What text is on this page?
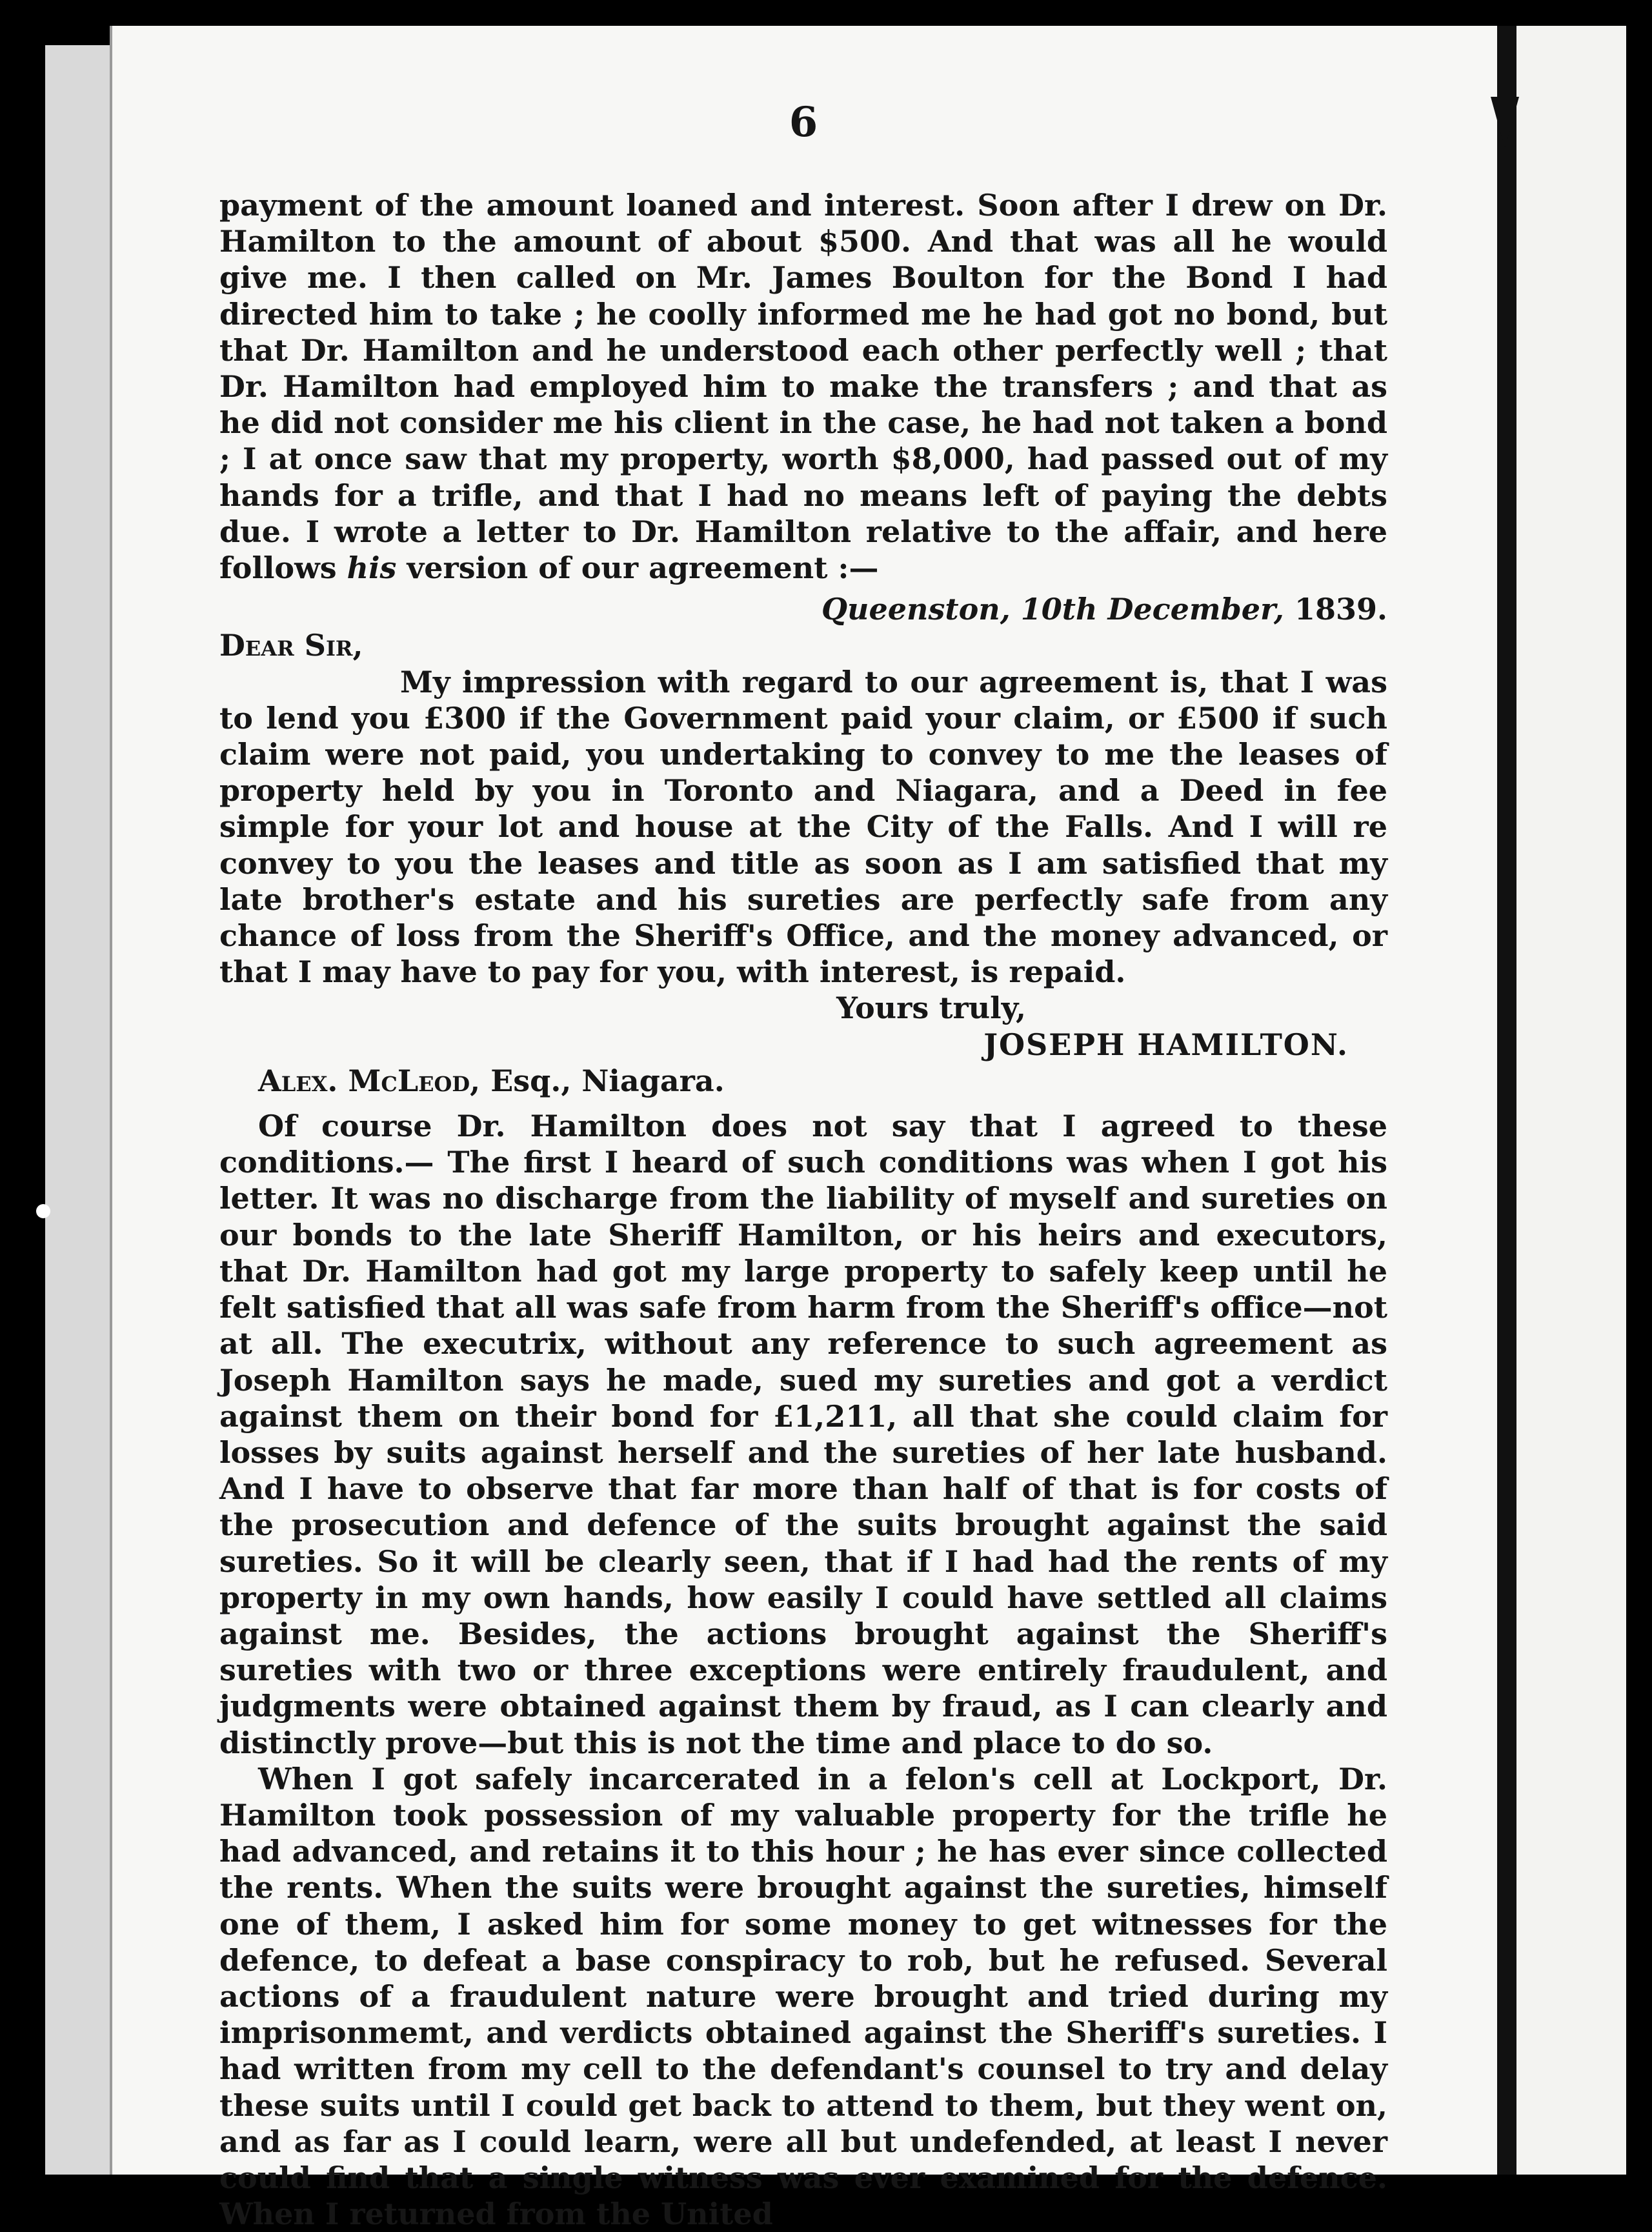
6

payment of the amount loaned and interest. Soon after I drew on Dr. Hamilton to the amount of about $500. And that was all he would give me. I then called on Mr. James Boulton for the Bond I had directed him to take ; he coolly informed me he had got no bond, but that Dr. Hamilton and he understood each other perfectly well ; that Dr. Hamilton had employed him to make the transfers ; and that as he did not consider me his client in the case, he had not taken a bond ; I at once saw that my property, worth $8,000, had passed out of my hands for a trifle, and that I had no means left of paying the debts due. I wrote a letter to Dr. Hamilton relative to the affair, and here follows his version of our agreement :—

Queenston, 10th December, 1839.

Dear Sir,

My impression with regard to our agreement is, that I was to lend you £300 if the Government paid your claim, or £500 if such claim were not paid, you undertaking to convey to me the leases of property held by you in Toronto and Niagara, and a Deed in fee simple for your lot and house at the City of the Falls. And I will re convey to you the leases and title as soon as I am satisfied that my late brother's estate and his sureties are perfectly safe from any chance of loss from the Sheriff's Office, and the money advanced, or that I may have to pay for you, with interest, is repaid.

Yours truly,

JOSEPH HAMILTON.

Alex. McLeod, Esq., Niagara.

Of course Dr. Hamilton does not say that I agreed to these conditions.— The first I heard of such conditions was when I got his letter. It was no discharge from the liability of myself and sureties on our bonds to the late Sheriff Hamilton, or his heirs and executors, that Dr. Hamilton had got my large property to safely keep until he felt satisfied that all was safe from harm from the Sheriff's office—not at all. The executrix, without any reference to such agreement as Joseph Hamilton says he made, sued my sureties and got a verdict against them on their bond for £1,211, all that she could claim for losses by suits against herself and the sureties of her late husband. And I have to observe that far more than half of that is for costs of the prosecution and defence of the suits brought against the said sureties. So it will be clearly seen, that if I had had the rents of my property in my own hands, how easily I could have settled all claims against me. Besides, the actions brought against the Sheriff's sureties with two or three exceptions were entirely fraudulent, and judgments were obtained against them by fraud, as I can clearly and distinctly prove—but this is not the time and place to do so.

When I got safely incarcerated in a felon's cell at Lockport, Dr. Hamilton took possession of my valuable property for the trifle he had advanced, and retains it to this hour ; he has ever since collected the rents. When the suits were brought against the sureties, himself one of them, I asked him for some money to get witnesses for the defence, to defeat a base conspiracy to rob, but he refused. Several actions of a fraudulent nature were brought and tried during my imprisonmemt, and verdicts obtained against the Sheriff's sureties. I had written from my cell to the defendant's counsel to try and delay these suits until I could get back to attend to them, but they went on, and as far as I could learn, were all but undefended, at least I never could find that a single witness was ever examined for the defence. When I returned from the United
